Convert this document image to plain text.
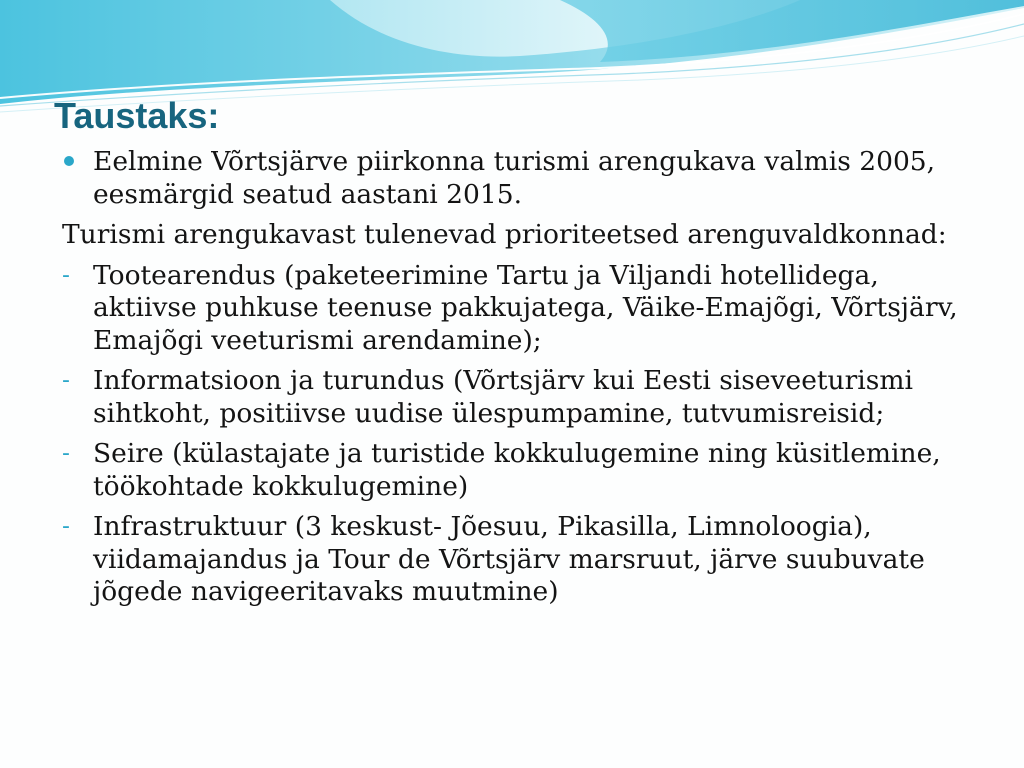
Taustaks:
Eelmine Võrtsjärve piirkonna turismi arengukava valmis 2005, eesmärgid seatud aastani 2015.
Turismi arengukavast tulenevad prioriteetsed arenguvaldkonnad:
- Tootearendus (paketeerimine Tartu ja Viljandi hotellidega, aktiivse puhkuse teenuse pakkujatega, Väike-Emajõgi, Võrtsjärv, Emajõgi veeturismi arendamine);
- Informatsioon ja turundus (Võrtsjärv kui Eesti siseveeturismi sihtkoht, positiivse uudise ülespumpamine, tutvumisreisid;
- Seire (külastajate ja turistide kokkulugemine ning küsitlemine, töökohtade kokkulugemine)
- Infrastruktuur (3 keskust- Jõesuu, Pikasilla, Limnoloogia), viidamajandus ja Tour de Võrtsjärv marsruut, järve suubuvate jõgede navigeeritavaks muutmine)
